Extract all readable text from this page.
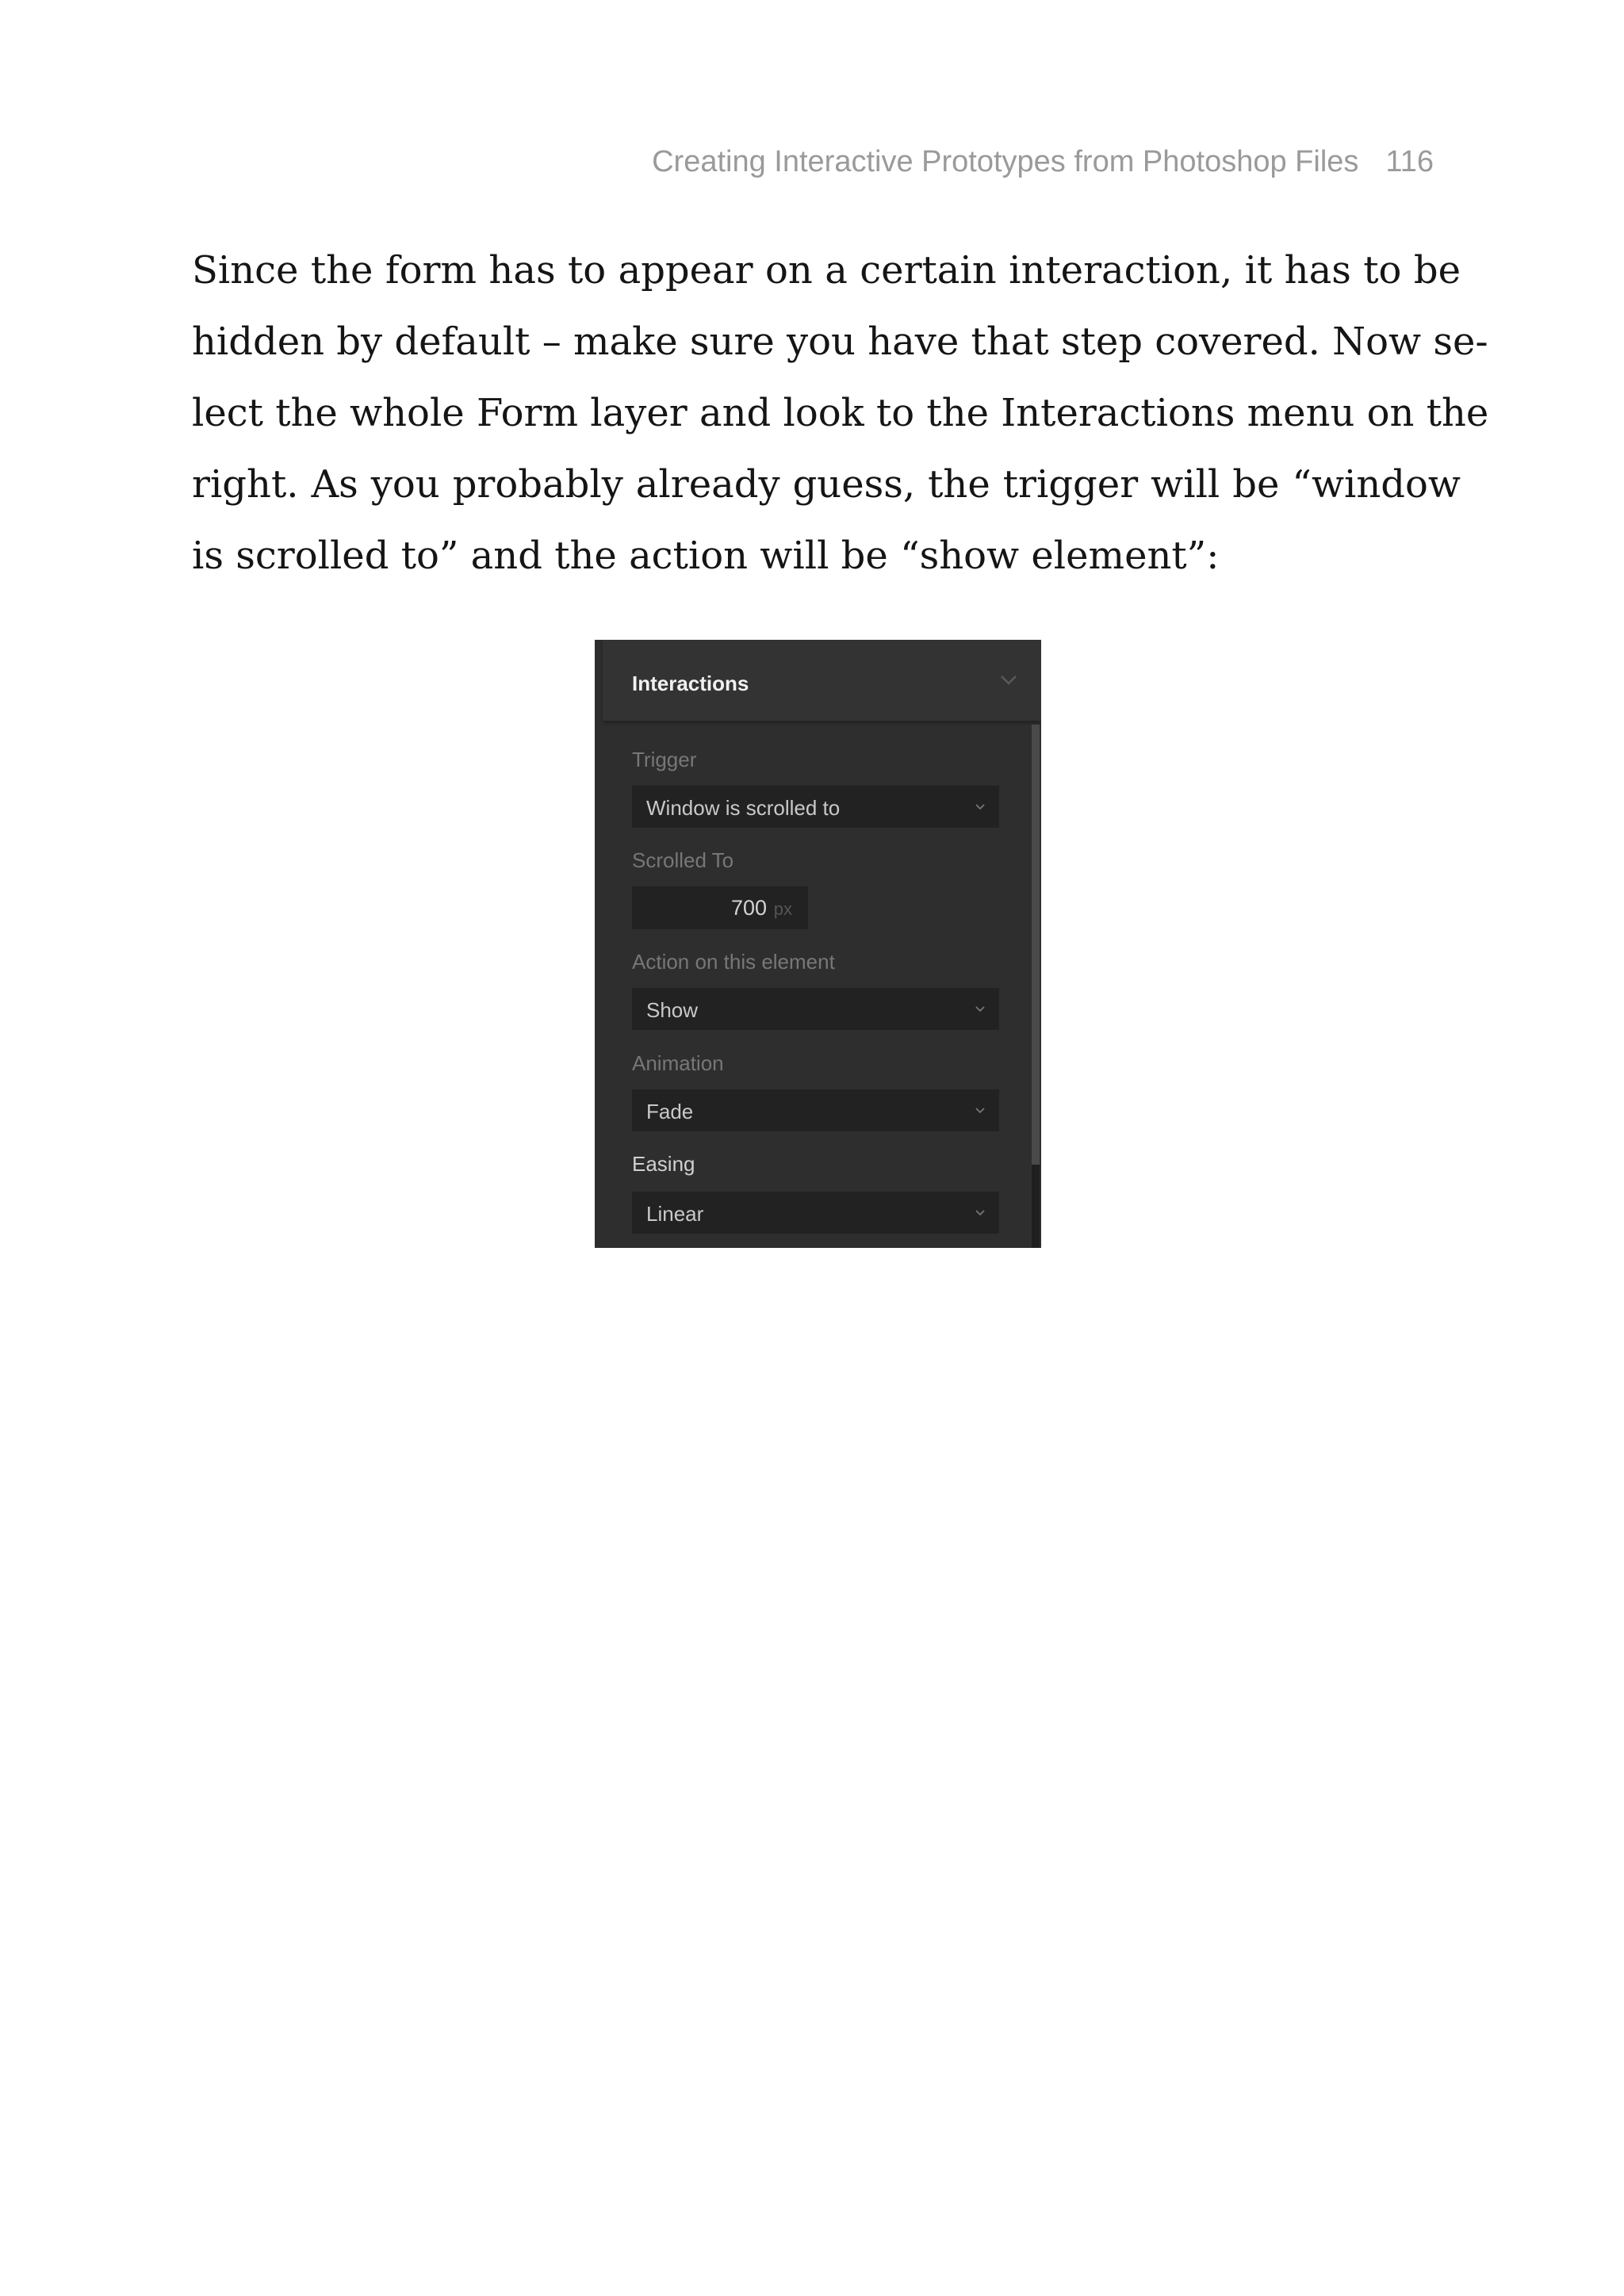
Creating Interactive Prototypes from Photoshop Files 116
Since the form has to appear on a certain interaction, it has to be
hidden by default – make sure you have that step covered. Now se-
lect the whole Form layer and look to the Interactions menu on the
right. As you probably already guess, the trigger will be “window
is scrolled to” and the action will be “show element”:
Interactions
Trigger
Window is scrolled to
Scrolled To
700 px
Action on this element
Show
Animation
Fade
Easing
Linear
